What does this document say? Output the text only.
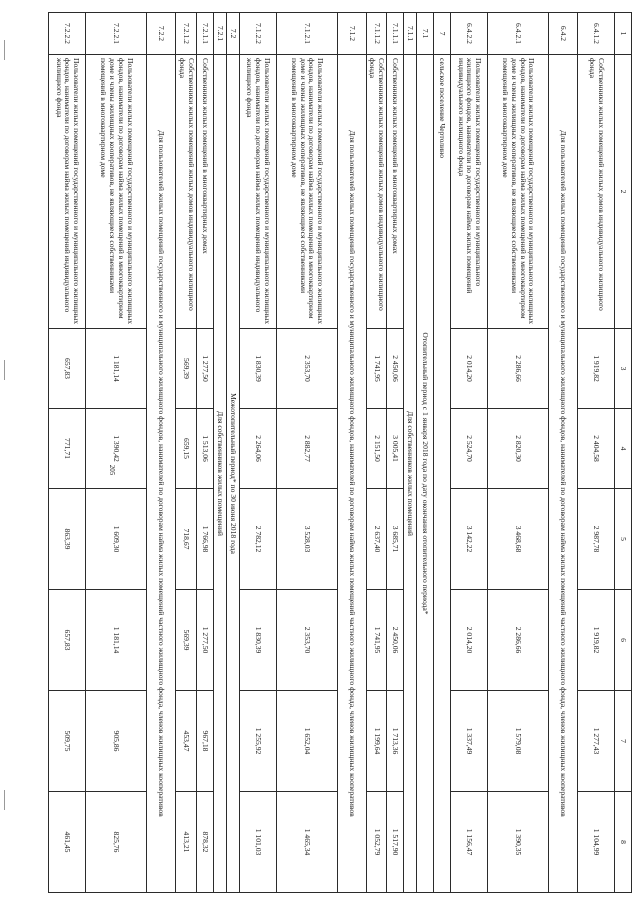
205
1	2	3	4	5	6	7	8
6.4.1.2	Собственники жилых помещений жилых домов индивидуального жилищного фонда	1 919,82	2 404,58	2 987,78	1 919,82	1 277,43	1 104,99
6.4.2	Для пользователей жилых помещений государственного и муниципального жилищного фондов, нанимателей по договорам найма жилых помещений частного жилищного фонда, членов жилищных кооперативов						
6.4.2.1	Пользователи жилых помещений государственного и муниципального жилищных фондов, наниматели по договорам найма жилых помещений в многоквартирном доме и члены жилищных кооперативов, не являющиеся собственниками помещений в многоквартирном доме	2 286,66	2 820,30	3 468,68	2 286,66	1 579,08	1 390,35
6.4.2.2	Пользователи жилых помещений государственного и муниципального жилищного фондов, наниматели по договорам найма жилых помещений индивидуального жилищного фонда	2 014,20	2 524,70	3 142,22	2 014,20	1 337,49	1 156,47
7	сельское поселение Чертолино						
7.1	Отопительный период с 1 января 2018 года по дату окончания отопительного периода*						
7.1.1	Для собственников жилых помещений						
7.1.1.1	Собственники жилых помещений в многоквартирных домах	2 450,06	3 005,41	3 685,71	2 450,06	1 713,36	1 517,90
7.1.1.2	Собственники жилых помещений жилых домов индивидуального жилищного фонда	1 741,95	2 151,50	2 637,40	1 741,95	1 199,64	1 052,79
7.1.2	Для пользователей жилых помещений государственного и муниципального жилищного фондов, нанимателей по договорам найма жилых помещений частного жилищного фонда, членов жилищных кооперативов						
7.1.2.1	Пользователи жилых помещений государственного и муниципального жилищных фондов, наниматели по договорам найма жилых помещений в многоквартирном доме и члены жилищных кооперативов, не являющиеся собственниками помещений в многоквартирном доме	2 353,70	2 882,77	3 528,03	2 353,70	1 652,04	1 465,34
7.1.2.2	Пользователи жилых помещений государственного и муниципального жилищных фондов, наниматели по договорам найма жилых помещений индивидуального жилищного фонда	1 830,39	2 264,06	2 782,12	1 830,39	1 255,92	1 101,03
7.2	Межотопительный период* по 30 июня 2018 года						
7.2.1	Для собственников жилых помещений						
7.2.1.1	Собственники жилых помещений в многоквартирных домах	1 277,50	1 513,06	1 766,98	1 277,50	967,18	878,32
7.2.1.2	Собственники жилых помещений жилых домов индивидуального жилищного фонда	569,39	659,15	718,67	569,39	453,47	413,21
7.2.2	Для пользователей жилых помещений государственного и муниципального жилищного фондов, нанимателей по договорам найма жилых помещений частного жилищного фонда, членов жилищных кооперативов						
7.2.2.1	Пользователи жилых помещений государственного и муниципального жилищных фондов, наниматели по договорам найма жилых помещений в многоквартирном доме и члены жилищных кооперативов, не являющиеся собственниками помещений в многоквартирном доме	1 181,14	1 390,42	1 609,30	1 181,14	905,86	825,76
7.2.2.2	Пользователи жилых помещений государственного и муниципального жилищных фондов, наниматели по договорам найма жилых помещений индивидуального жилищного фонда	657,83	771,71	863,39	657,83	509,75	461,45
